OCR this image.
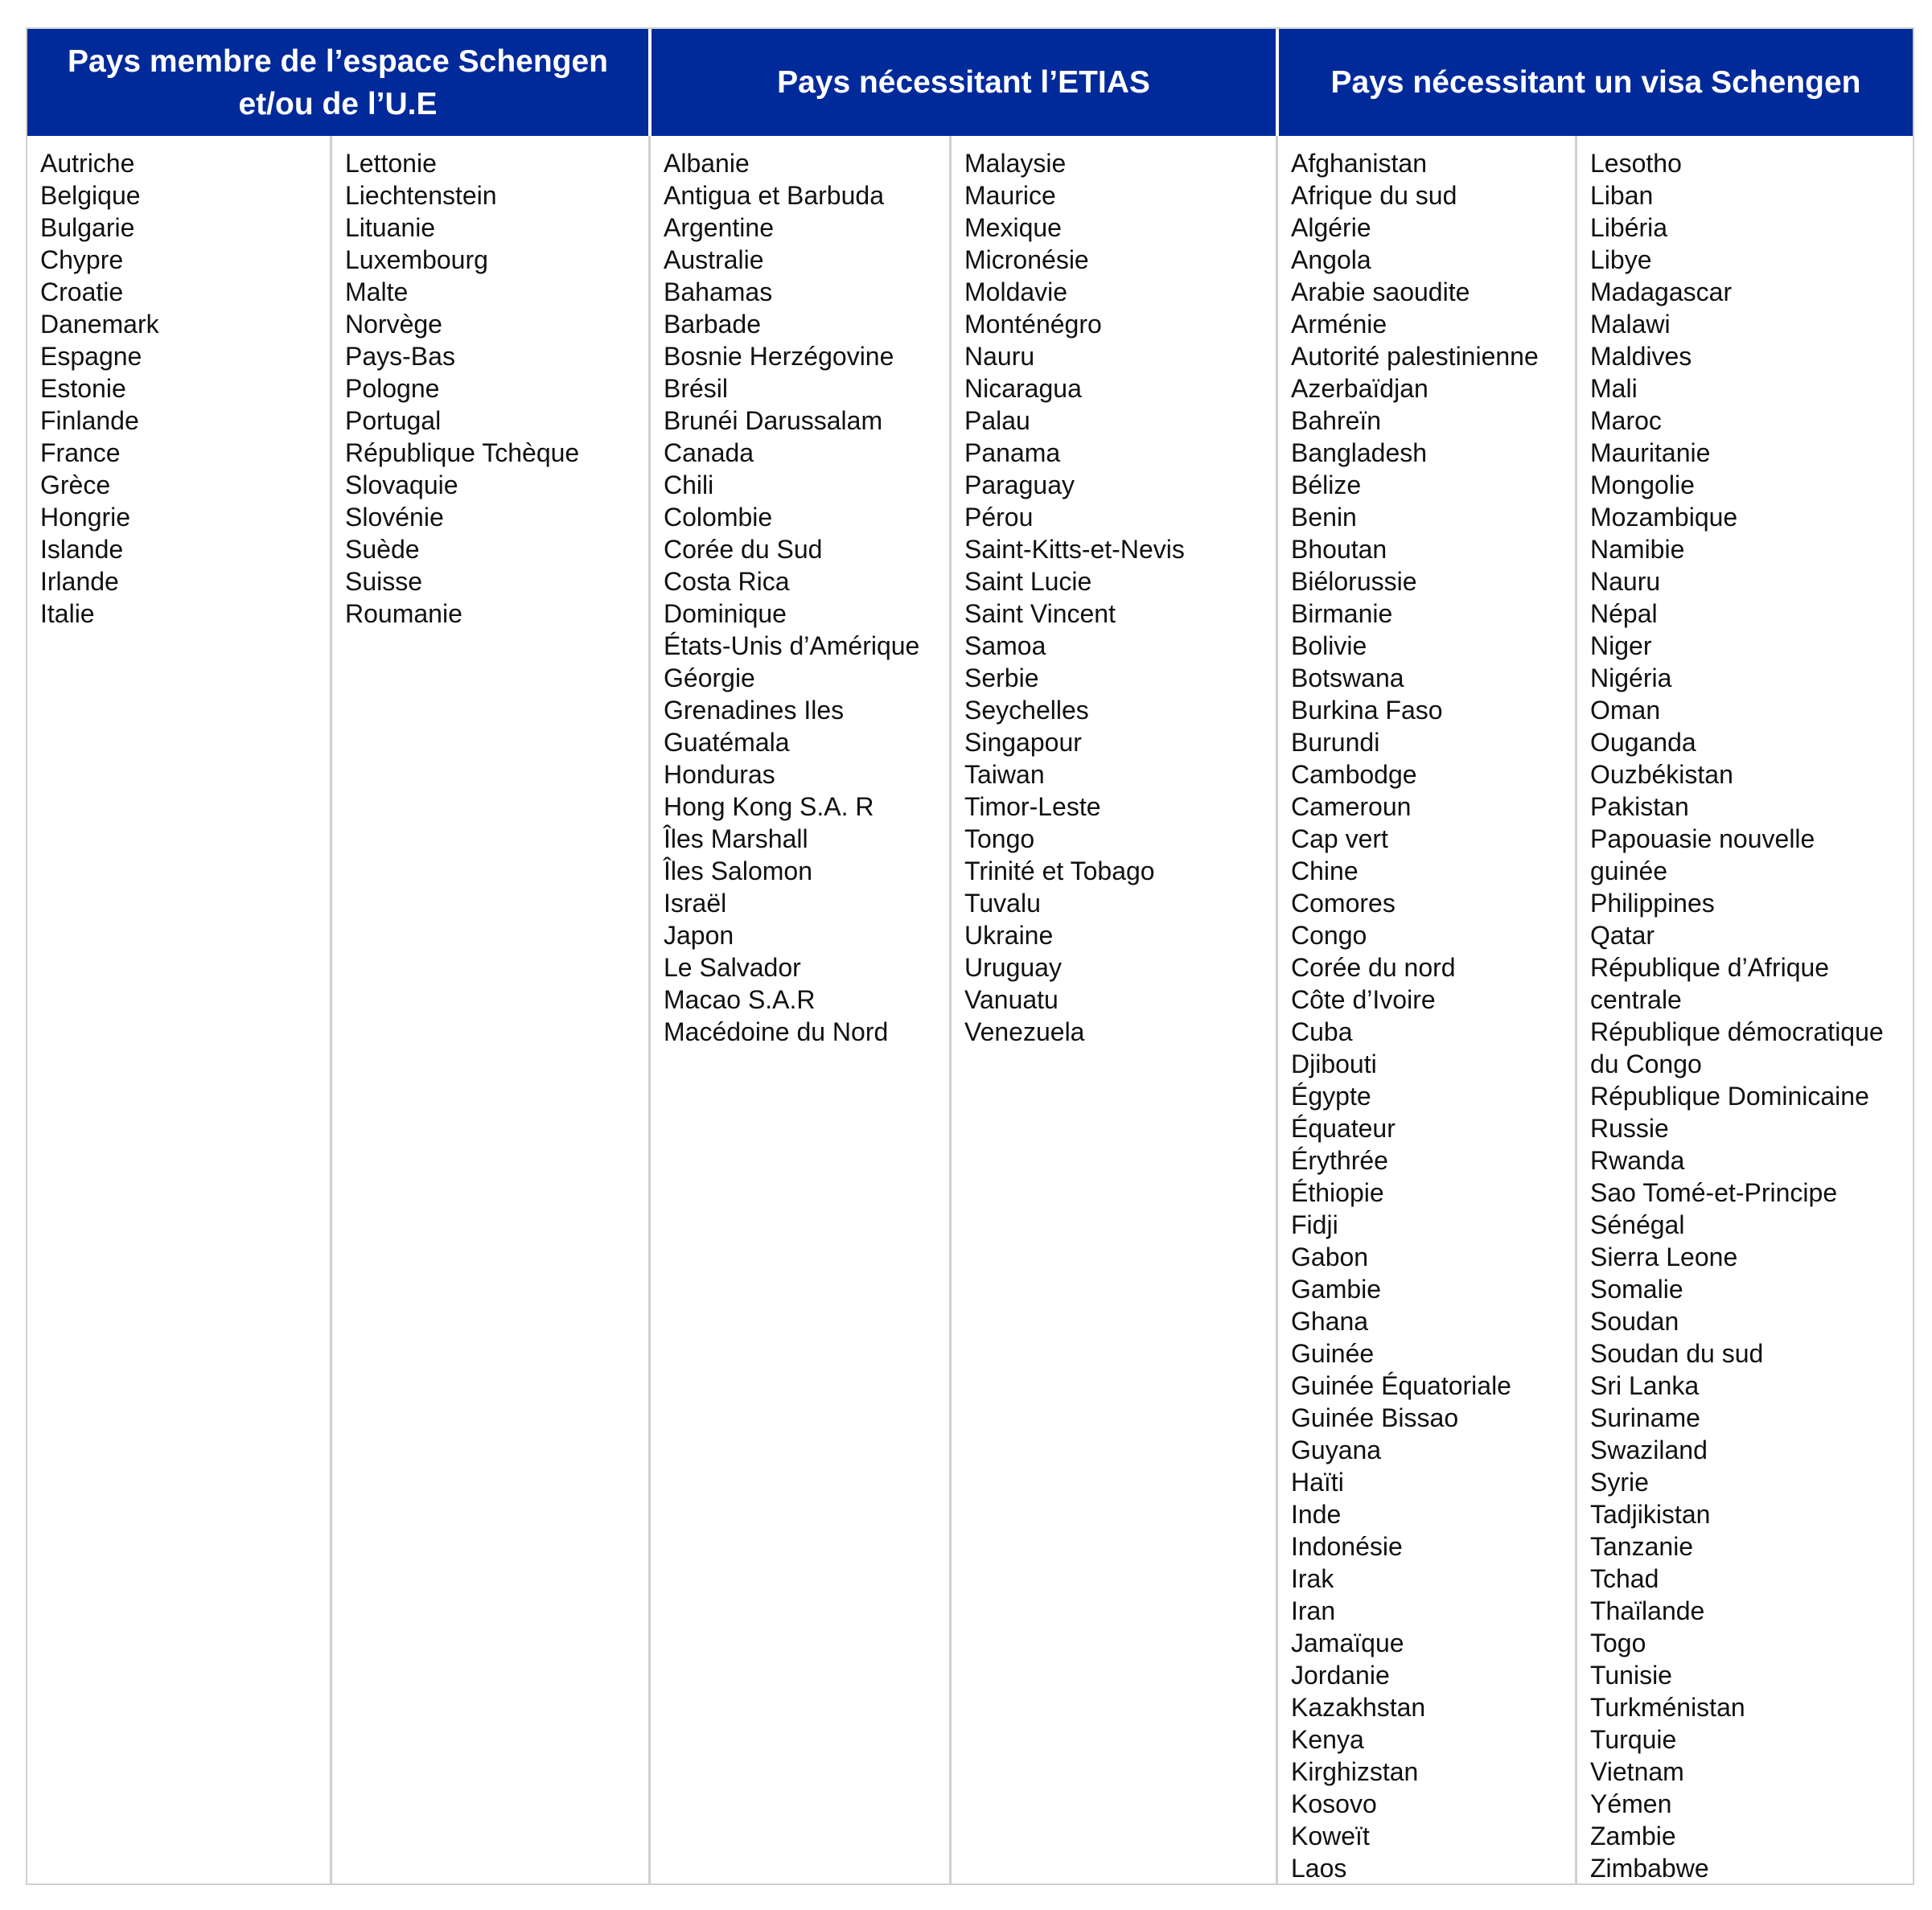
Pays membre de l’espace Schengen et/ou de l’U.E
Pays nécessitant l’ETIAS	Pays nécessitant un visa Schengen
Autriche
Belgique
Bulgarie
Chypre
Croatie
Danemark
Espagne
Estonie
Finlande
France
Grèce
Hongrie
Islande
Irlande
Italie
Lettonie
Liechtenstein
Lituanie
Luxembourg
Malte
Norvège
Pays-Bas
Pologne
Portugal
République Tchèque
Slovaquie
Slovénie
Suède
Suisse
Roumanie
Albanie
Antigua et Barbuda
Argentine
Australie
Bahamas
Barbade
Bosnie Herzégovine
Brésil
Brunéi Darussalam
Canada
Chili
Colombie
Corée du Sud
Costa Rica
Dominique
États-Unis d’Amérique
Géorgie
Grenadines Iles
Guatémala
Honduras
Hong Kong S.A. R
Îles Marshall
Îles Salomon
Israël
Japon
Le Salvador
Macao S.A.R
Macédoine du Nord
Malaysie
Maurice
Mexique
Micronésie
Moldavie
Monténégro
Nauru
Nicaragua
Palau
Panama
Paraguay
Pérou
Saint-Kitts-et-Nevis
Saint Lucie
Saint Vincent
Samoa
Serbie
Seychelles
Singapour
Taiwan
Timor-Leste
Tongo
Trinité et Tobago
Tuvalu
Ukraine
Uruguay
Vanuatu
Venezuela
Afghanistan
Afrique du sud
Algérie
Angola
Arabie saoudite
Arménie
Autorité palestinienne
Azerbaïdjan
Bahreïn
Bangladesh
Bélize
Benin
Bhoutan
Biélorussie
Birmanie
Bolivie
Botswana
Burkina Faso
Burundi
Cambodge
Cameroun
Cap vert
Chine
Comores
Congo
Corée du nord
Côte d’Ivoire
Cuba
Djibouti
Égypte
Équateur
Érythrée
Éthiopie
Fidji
Gabon
Gambie
Ghana
Guinée
Guinée Équatoriale
Guinée Bissao
Guyana
Haïti
Inde
Indonésie
Irak
Iran
Jamaïque
Jordanie
Kazakhstan
Kenya
Kirghizstan
Kosovo
Koweït
Laos
Lesotho
Liban
Libéria
Libye
Madagascar
Malawi
Maldives
Mali
Maroc
Mauritanie
Mongolie
Mozambique
Namibie
Nauru
Népal
Niger
Nigéria
Oman
Ouganda
Ouzbékistan
Pakistan
Papouasie nouvelle
guinée
Philippines
Qatar
République d’Afrique
centrale
République démocratique
du Congo
République Dominicaine
Russie
Rwanda
Sao Tomé-et-Principe
Sénégal
Sierra Leone
Somalie
Soudan
Soudan du sud
Sri Lanka
Suriname
Swaziland
Syrie
Tadjikistan
Tanzanie
Tchad
Thaïlande
Togo
Tunisie
Turkménistan
Turquie
Vietnam
Yémen
Zambie
Zimbabwe
